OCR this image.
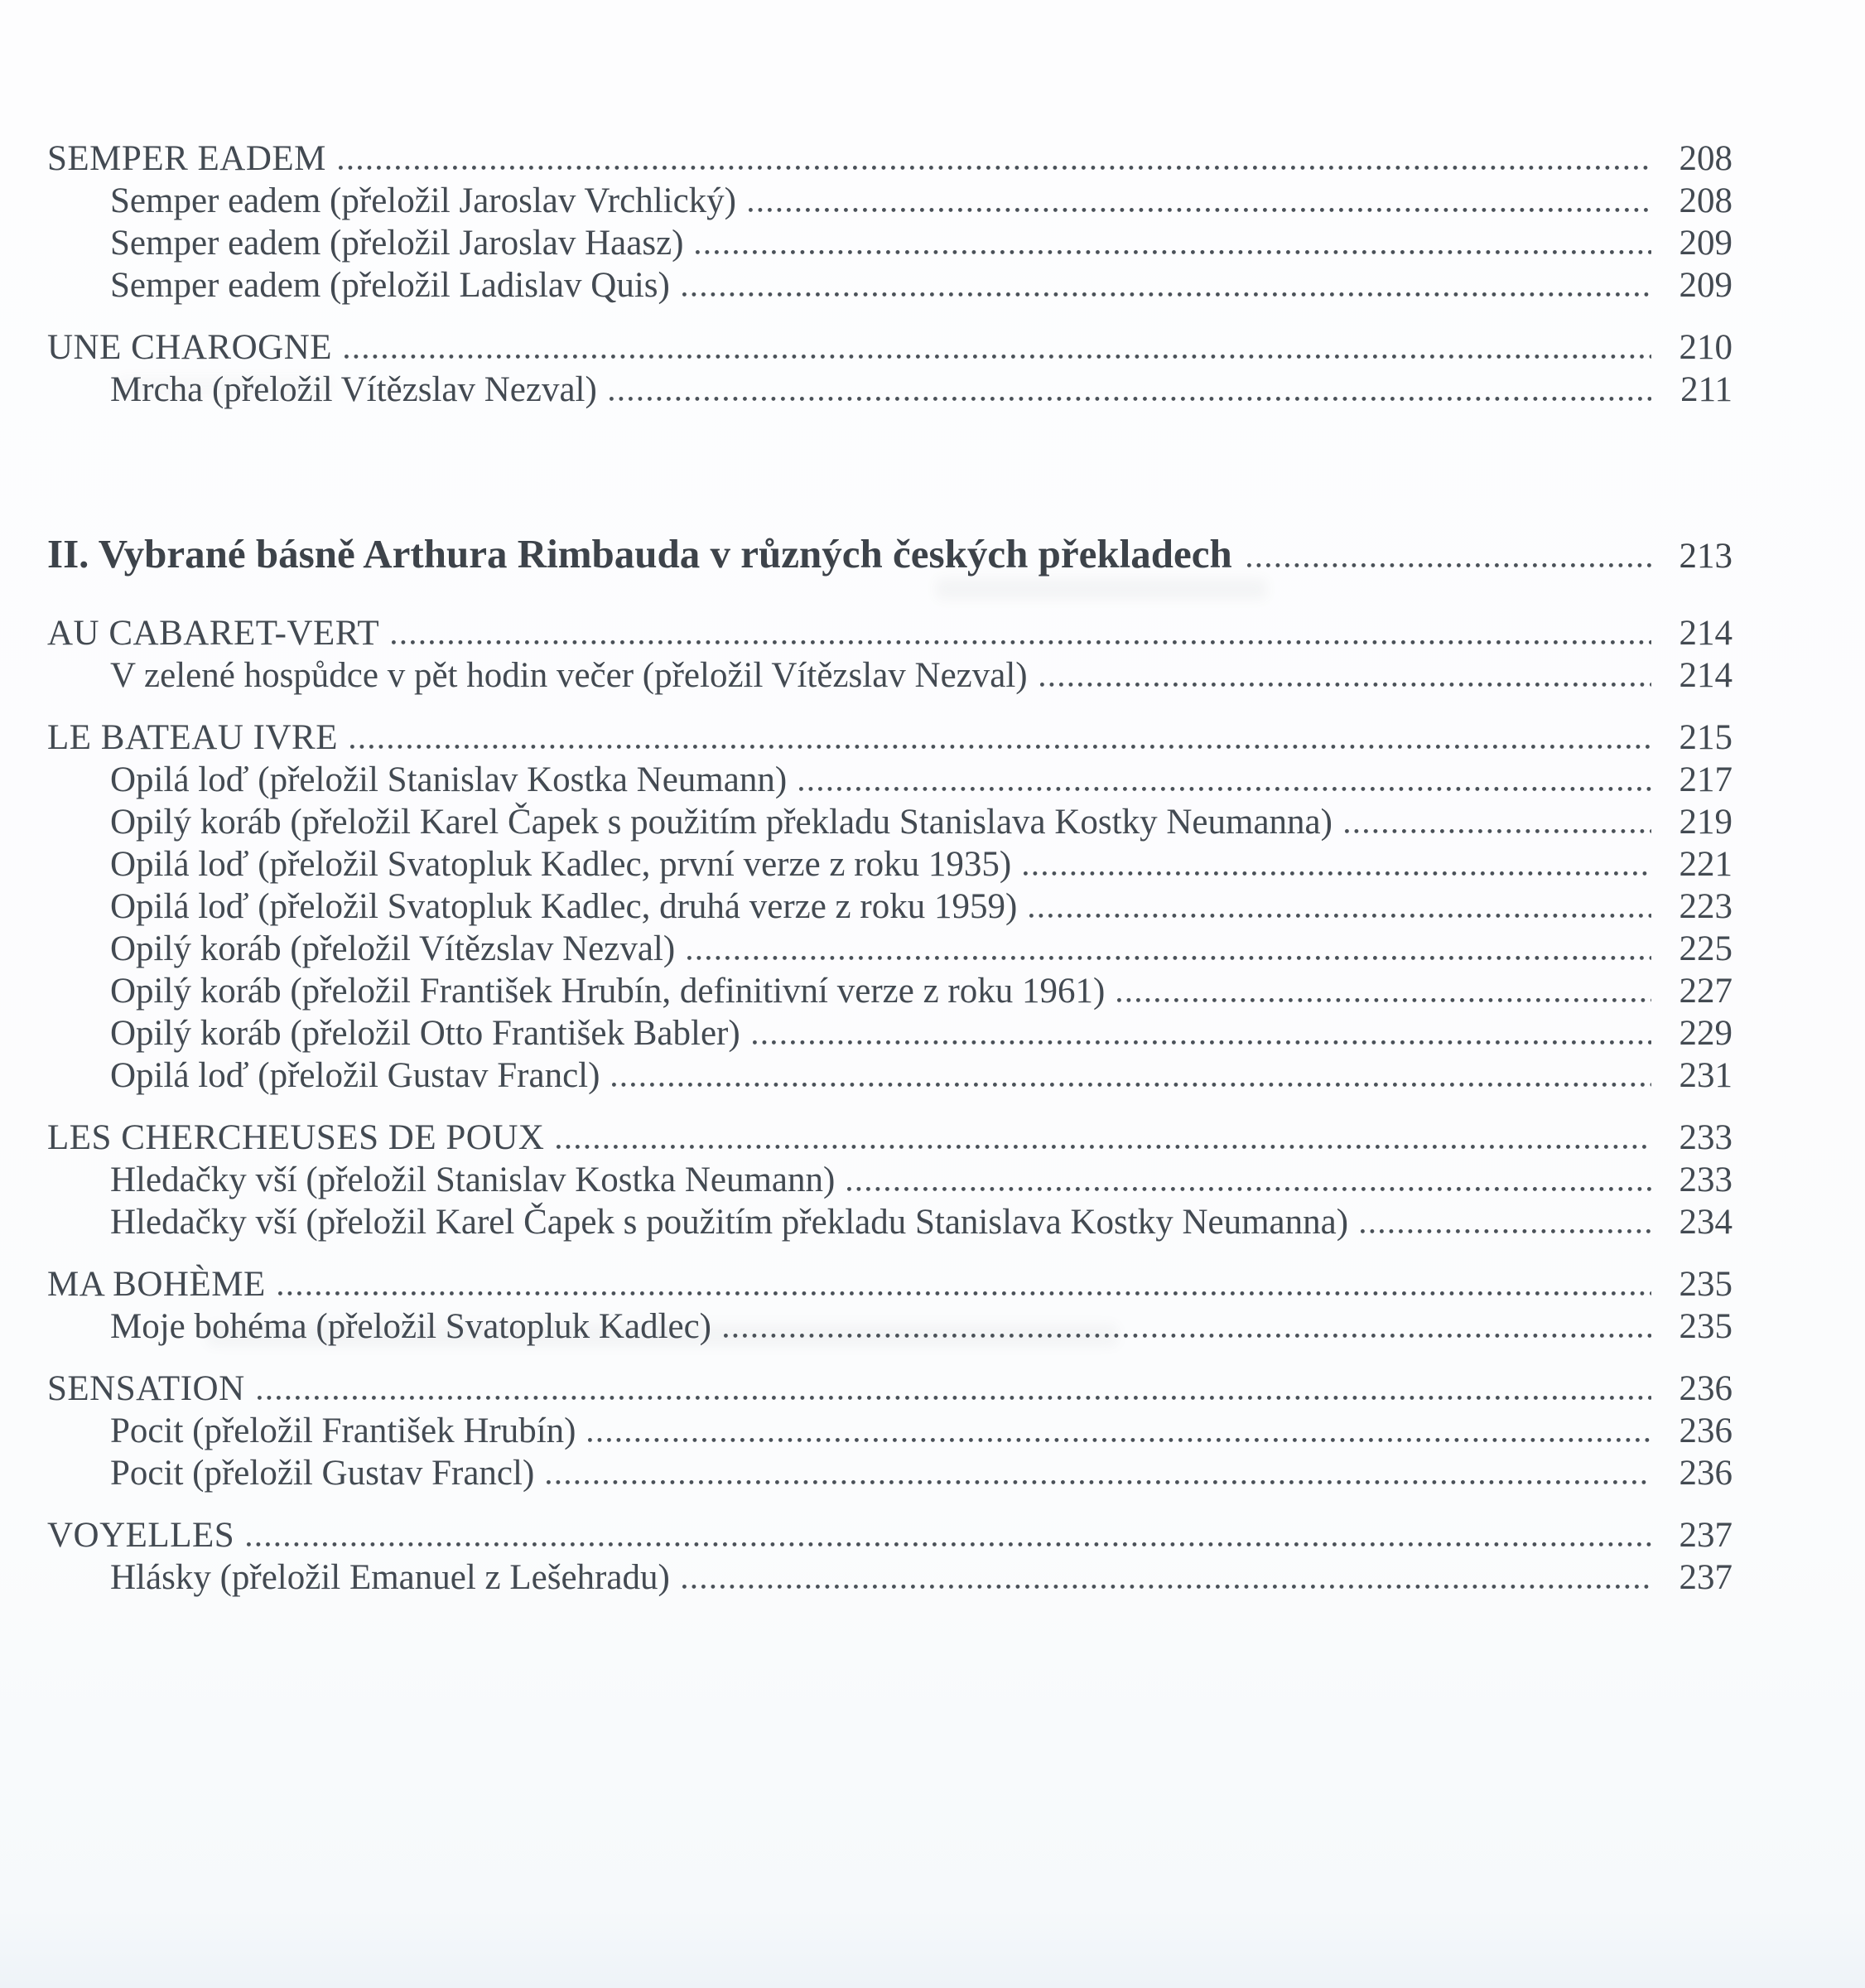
SEMPER EADEM	208
Semper eadem (přeložil Jaroslav Vrchlický)	208
Semper eadem (přeložil Jaroslav Haasz)	209
Semper eadem (přeložil Ladislav Quis)	209
UNE CHAROGNE	210
Mrcha (přeložil Vítězslav Nezval)	211
II. Vybrané básně Arthura Rimbauda v různých českých překladech	213
AU CABARET-VERT	214
V zelené hospůdce v pět hodin večer (přeložil Vítězslav Nezval)	214
LE BATEAU IVRE	215
Opilá loď (přeložil Stanislav Kostka Neumann)	217
Opilý koráb (přeložil Karel Čapek s použitím překladu Stanislava Kostky Neumanna)	219
Opilá loď (přeložil Svatopluk Kadlec, první verze z roku 1935)	221
Opilá loď (přeložil Svatopluk Kadlec, druhá verze z roku 1959)	223
Opilý koráb (přeložil Vítězslav Nezval)	225
Opilý koráb (přeložil František Hrubín, definitivní verze z roku 1961)	227
Opilý koráb (přeložil Otto František Babler)	229
Opilá loď (přeložil Gustav Francl)	231
LES CHERCHEUSES DE POUX	233
Hledačky vší (přeložil Stanislav Kostka Neumann)	233
Hledačky vší (přeložil Karel Čapek s použitím překladu Stanislava Kostky Neumanna)	234
MA BOHÈME	235
Moje bohéma (přeložil Svatopluk Kadlec)	235
SENSATION	236
Pocit (přeložil František Hrubín)	236
Pocit (přeložil Gustav Francl)	236
VOYELLES	237
Hlásky (přeložil Emanuel z Lešehradu)	237
